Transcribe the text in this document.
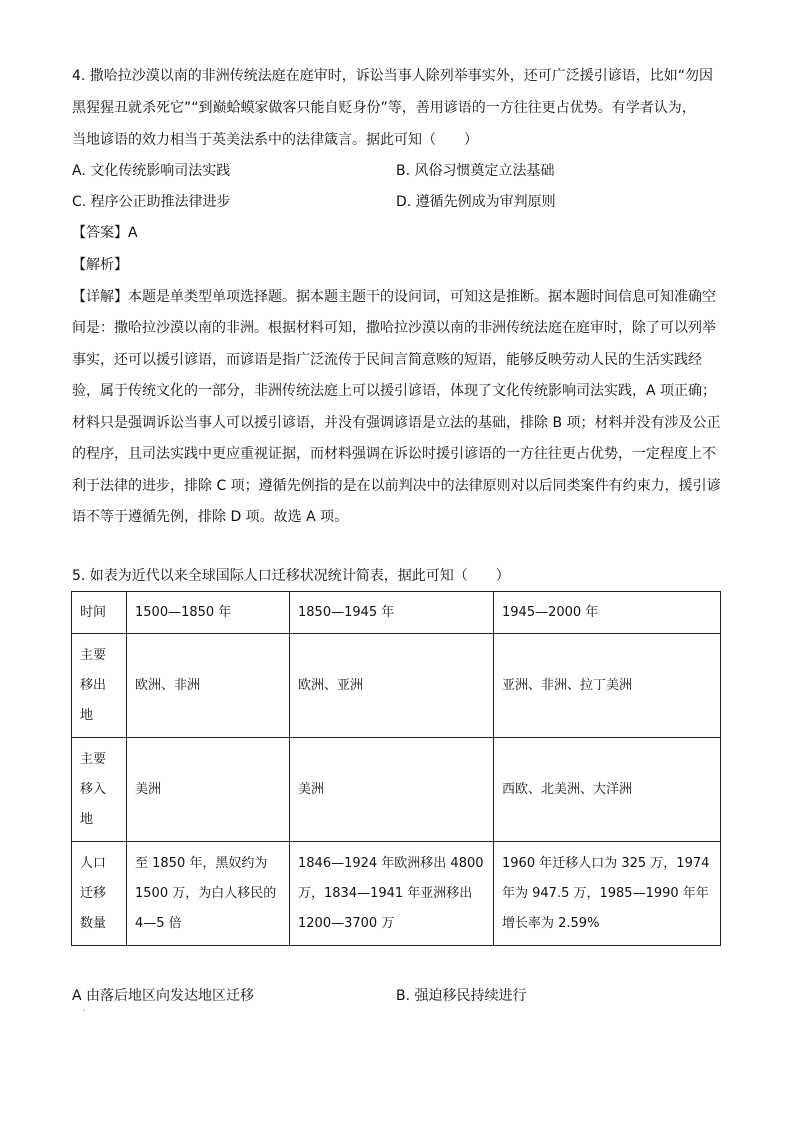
4. 撒哈拉沙漠以南的非洲传统法庭在庭审时，诉讼当事人除列举事实外，还可广泛援引谚语，比如“勿因
黑猩猩丑就杀死它”“到巅蛤蟆家做客只能自贬身份”等，善用谚语的一方往往更占优势。有学者认为，
当地谚语的效力相当于英美法系中的法律箴言。据此可知（　　）
A. 文化传统影响司法实践	B. 风俗习惯奠定立法基础
C. 程序公正助推法律进步	D. 遵循先例成为审判原则
【答案】A
【解析】
【详解】本题是单类型单项选择题。据本题主题干的设问词，可知这是推断。据本题时间信息可知准确空
间是：撒哈拉沙漠以南的非洲。根据材料可知，撒哈拉沙漠以南的非洲传统法庭在庭审时，除了可以列举
事实，还可以援引谚语，而谚语是指广泛流传于民间言简意赅的短语，能够反映劳动人民的生活实践经
验，属于传统文化的一部分，非洲传统法庭上可以援引谚语，体现了文化传统影响司法实践，A 项正确；
材料只是强调诉讼当事人可以援引谚语，并没有强调谚语是立法的基础，排除 B 项；材料并没有涉及公正
的程序，且司法实践中更应重视证据，而材料强调在诉讼时援引谚语的一方往往更占优势，一定程度上不
利于法律的进步，排除 C 项；遵循先例指的是在以前判决中的法律原则对以后同类案件有约束力，援引谚
语不等于遵循先例，排除 D 项。故选 A 项。
5. 如表为近代以来全球国际人口迁移状况统计简表，据此可知（　　）
时间	1500—1850 年	1850—1945 年	1945—2000 年

主要
移出
地	欧洲、非洲	欧洲、亚洲	亚洲、非洲、拉丁美洲

主要
移入
地	美洲	美洲	西欧、北美洲、大洋洲

人口
迁移
数量	至 1850 年，黑奴约为
1500 万，为白人移民的
4—5 倍	1846—1924 年欧洲移出 4800
万，1834—1941 年亚洲移出
1200—3700 万	1960 年迁移人口为 325 万，1974
年为 947.5 万，1985—1990 年年
增长率为 2.59%
A 由落后地区向发达地区迁移	B. 强迫移民持续进行
·
